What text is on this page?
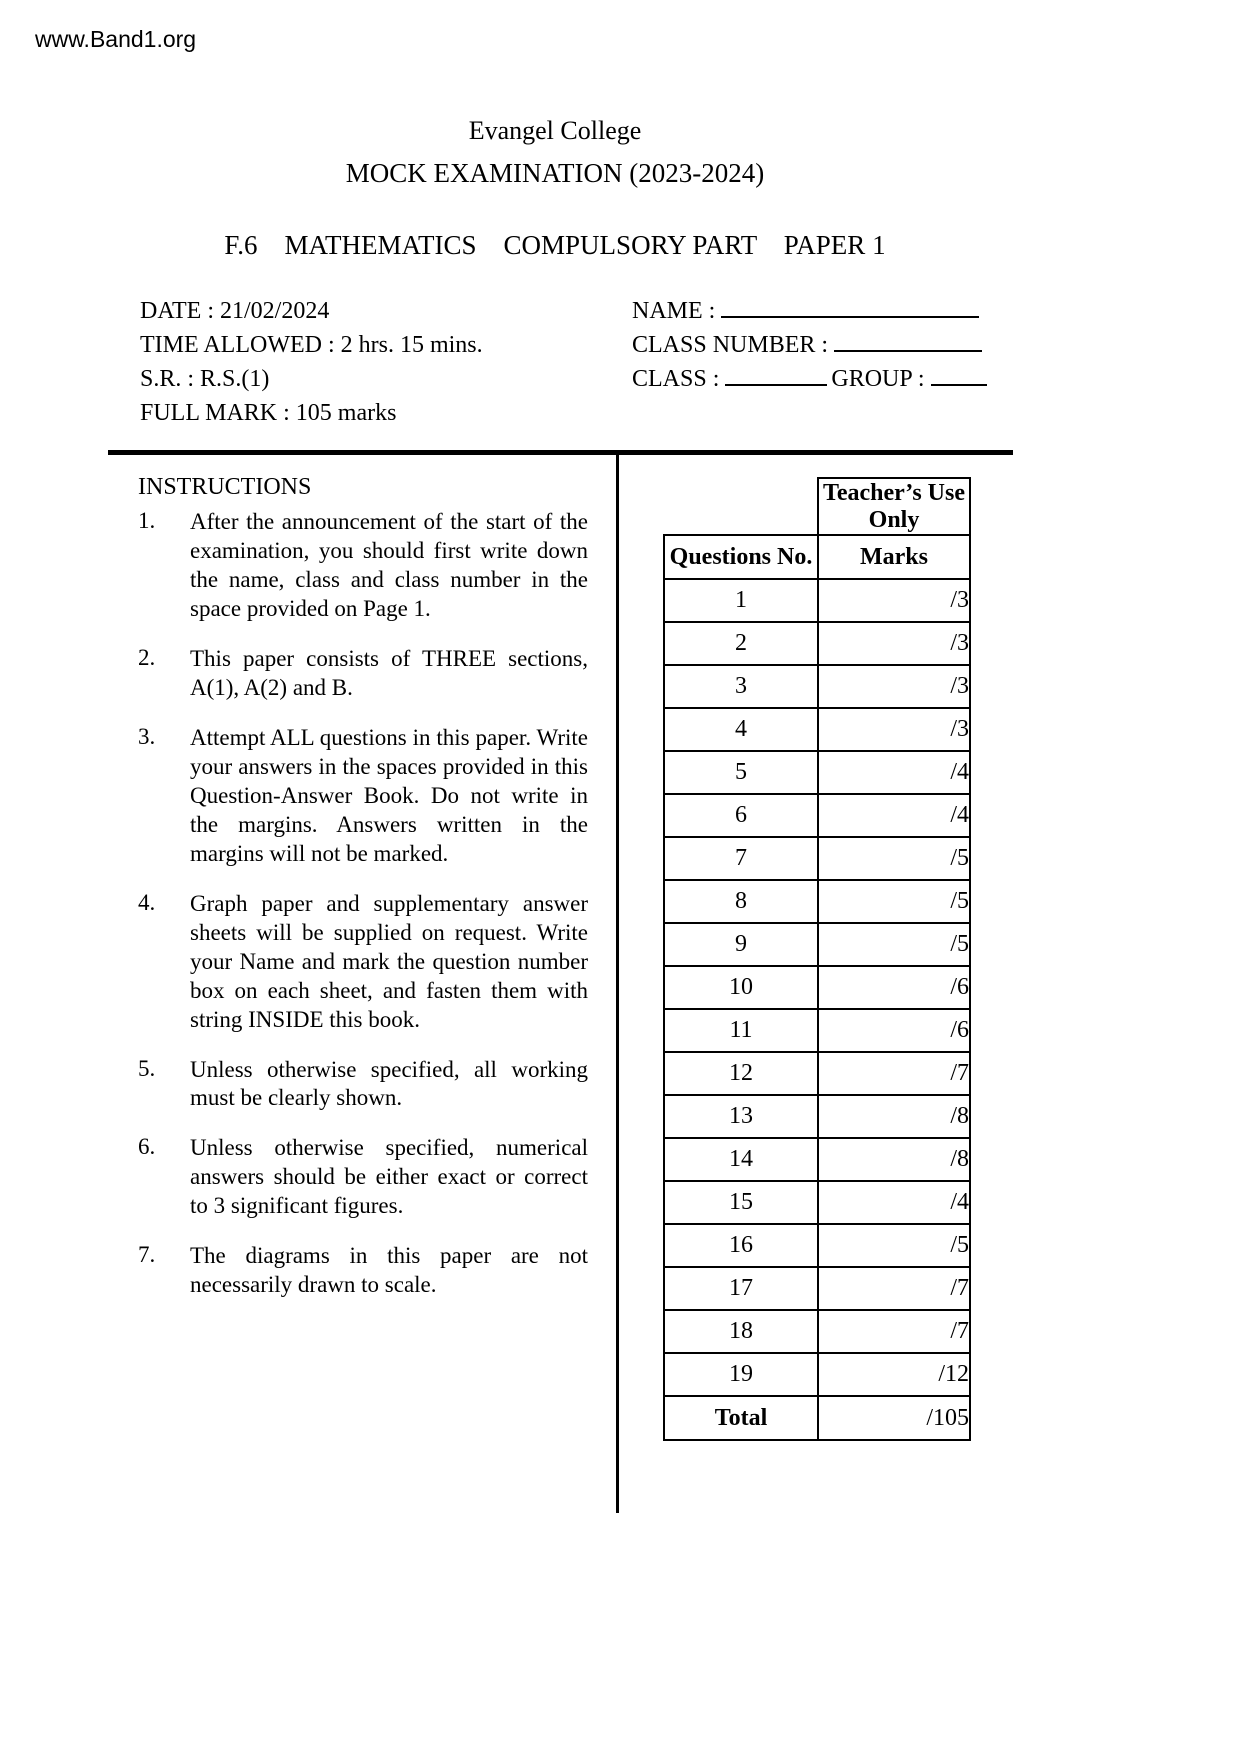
www.Band1.org
Evangel College
MOCK EXAMINATION (2023-2024)
F.6    MATHEMATICS    COMPULSORY PART    PAPER 1
DATE : 21/02/2024
TIME ALLOWED : 2 hrs. 15 mins.
S.R. : R.S.(1)
FULL MARK : 105 marks
NAME :
CLASS NUMBER :
CLASS :	GROUP :
INSTRUCTIONS
1.	After the announcement of the start of the examination, you should first write down the name, class and class number in the space provided on Page 1.
2.	This paper consists of THREE sections, A(1), A(2) and B.
3.	Attempt ALL questions in this paper. Write your answers in the spaces provided in this Question-Answer Book. Do not write in the margins. Answers written in the margins will not be marked.
4.	Graph paper and supplementary answer sheets will be supplied on request. Write your Name and mark the question number box on each sheet, and fasten them with string INSIDE this book.
5.	Unless otherwise specified, all working must be clearly shown.
6.	Unless otherwise specified, numerical answers should be either exact or correct to 3 significant figures.
7.	The diagrams in this paper are not necessarily drawn to scale.
	Teacher’s Use Only
Questions No.	Marks
1	/3
2	/3
3	/3
4	/3
5	/4
6	/4
7	/5
8	/5
9	/5
10	/6
11	/6
12	/7
13	/8
14	/8
15	/4
16	/5
17	/7
18	/7
19	/12
Total	/105
